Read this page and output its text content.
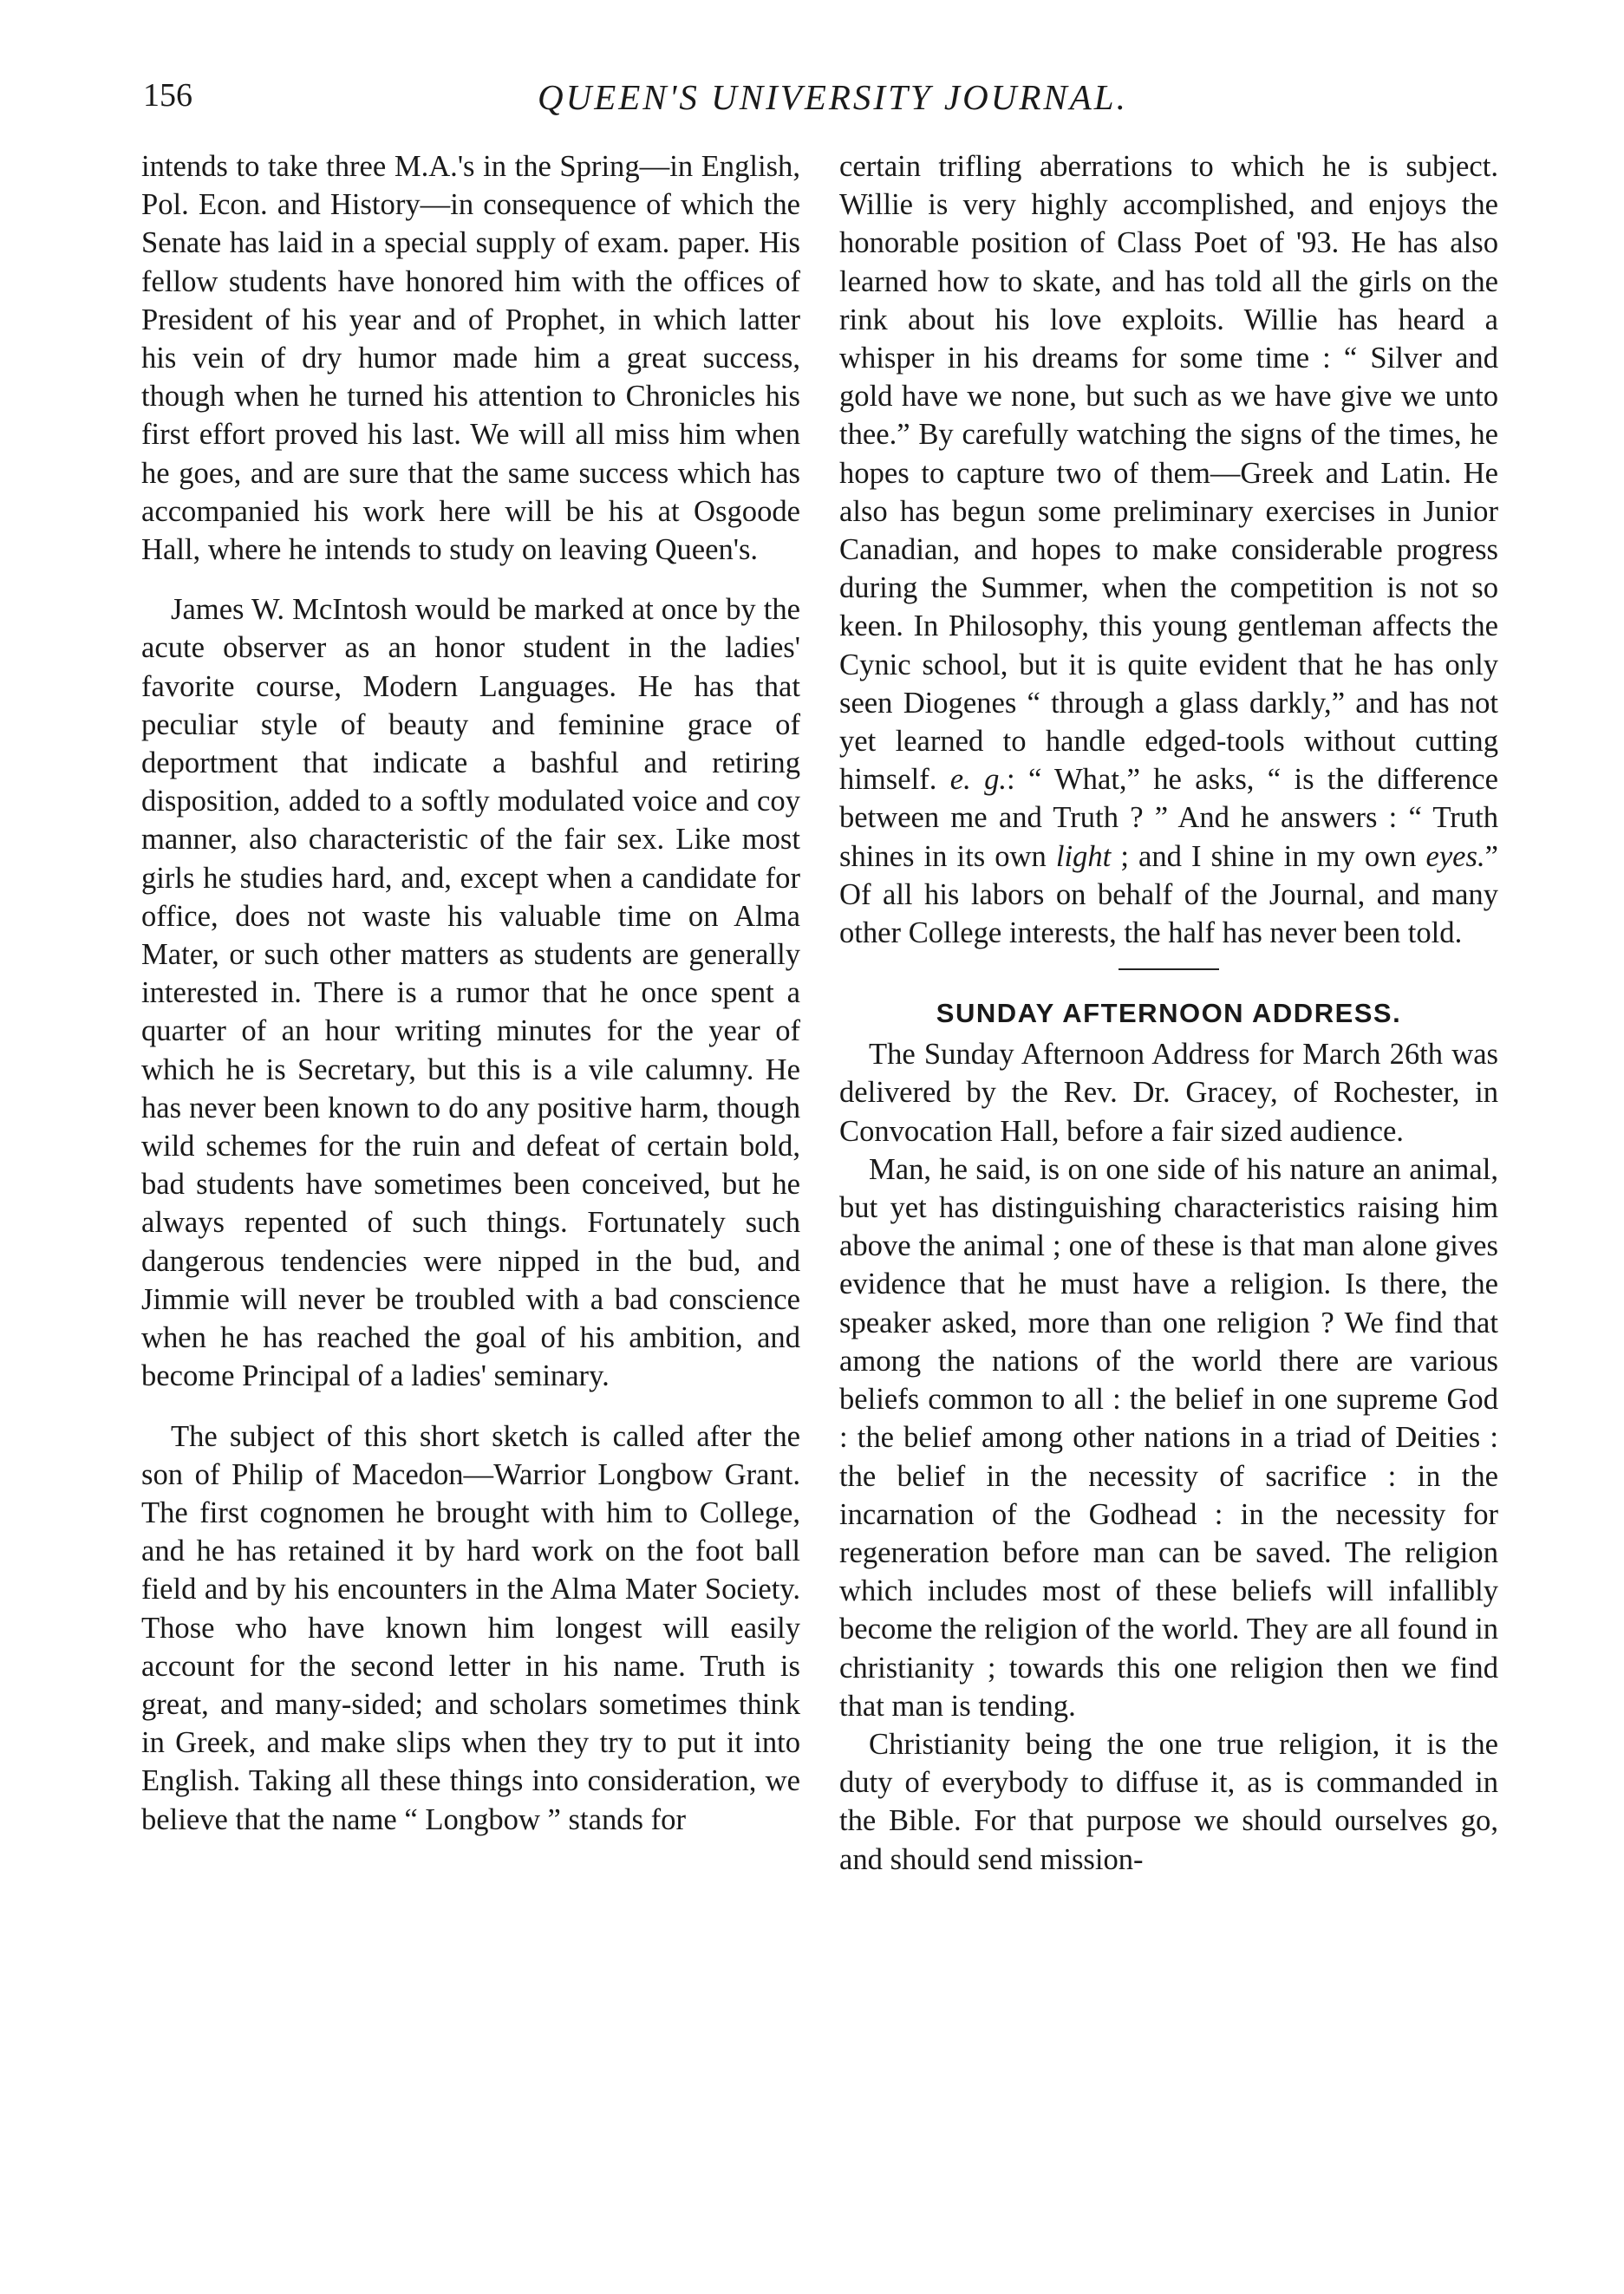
156	QUEEN'S UNIVERSITY JOURNAL.

intends to take three M.A.'s in the Spring—in English, Pol. Econ. and History—in consequence of which the Senate has laid in a special supply of exam. paper. His fellow students have honored him with the offices of President of his year and of Prophet, in which latter his vein of dry humor made him a great success, though when he turned his attention to Chronicles his first effort proved his last. We will all miss him when he goes, and are sure that the same success which has accompanied his work here will be his at Osgoode Hall, where he intends to study on leaving Queen's.

James W. McIntosh would be marked at once by the acute observer as an honor student in the ladies' favorite course, Modern Languages. He has that peculiar style of beauty and feminine grace of deportment that indicate a bashful and retiring disposition, added to a softly modulated voice and coy manner, also characteristic of the fair sex. Like most girls he studies hard, and, except when a candidate for office, does not waste his valuable time on Alma Mater, or such other matters as students are generally interested in. There is a rumor that he once spent a quarter of an hour writing minutes for the year of which he is Secretary, but this is a vile calumny. He has never been known to do any positive harm, though wild schemes for the ruin and defeat of certain bold, bad students have sometimes been conceived, but he always repented of such things. Fortunately such dangerous tendencies were nipped in the bud, and Jimmie will never be troubled with a bad conscience when he has reached the goal of his ambition, and become Principal of a ladies' seminary.

The subject of this short sketch is called after the son of Philip of Macedon—Warrior Longbow Grant. The first cognomen he brought with him to College, and he has retained it by hard work on the foot ball field and by his encounters in the Alma Mater Society. Those who have known him longest will easily account for the second letter in his name. Truth is great, and many-sided; and scholars sometimes think in Greek, and make slips when they try to put it into English. Taking all these things into consideration, we believe that the name “ Longbow ” stands for

certain trifling aberrations to which he is subject. Willie is very highly accomplished, and enjoys the honorable position of Class Poet of '93. He has also learned how to skate, and has told all the girls on the rink about his love exploits. Willie has heard a whisper in his dreams for some time : “ Silver and gold have we none, but such as we have give we unto thee.” By carefully watching the signs of the times, he hopes to capture two of them—Greek and Latin. He also has begun some preliminary exercises in Junior Canadian, and hopes to make considerable progress during the Summer, when the competition is not so keen. In Philosophy, this young gentleman affects the Cynic school, but it is quite evident that he has only seen Diogenes “ through a glass darkly,” and has not yet learned to handle edged-tools without cutting himself. e. g.: “ What,” he asks, “ is the difference between me and Truth ? ” And he answers : “ Truth shines in its own light ; and I shine in my own eyes.” Of all his labors on behalf of the Journal, and many other College interests, the half has never been told.

SUNDAY AFTERNOON ADDRESS.

The Sunday Afternoon Address for March 26th was delivered by the Rev. Dr. Gracey, of Rochester, in Convocation Hall, before a fair sized audience.

Man, he said, is on one side of his nature an animal, but yet has distinguishing characteristics raising him above the animal ; one of these is that man alone gives evidence that he must have a religion. Is there, the speaker asked, more than one religion ? We find that among the nations of the world there are various beliefs common to all : the belief in one supreme God : the belief among other nations in a triad of Deities : the belief in the necessity of sacrifice : in the incarnation of the Godhead : in the necessity for regeneration before man can be saved. The religion which includes most of these beliefs will infallibly become the religion of the world. They are all found in christianity ; towards this one religion then we find that man is tending.

Christianity being the one true religion, it is the duty of everybody to diffuse it, as is commanded in the Bible. For that purpose we should ourselves go, and should send mission-
